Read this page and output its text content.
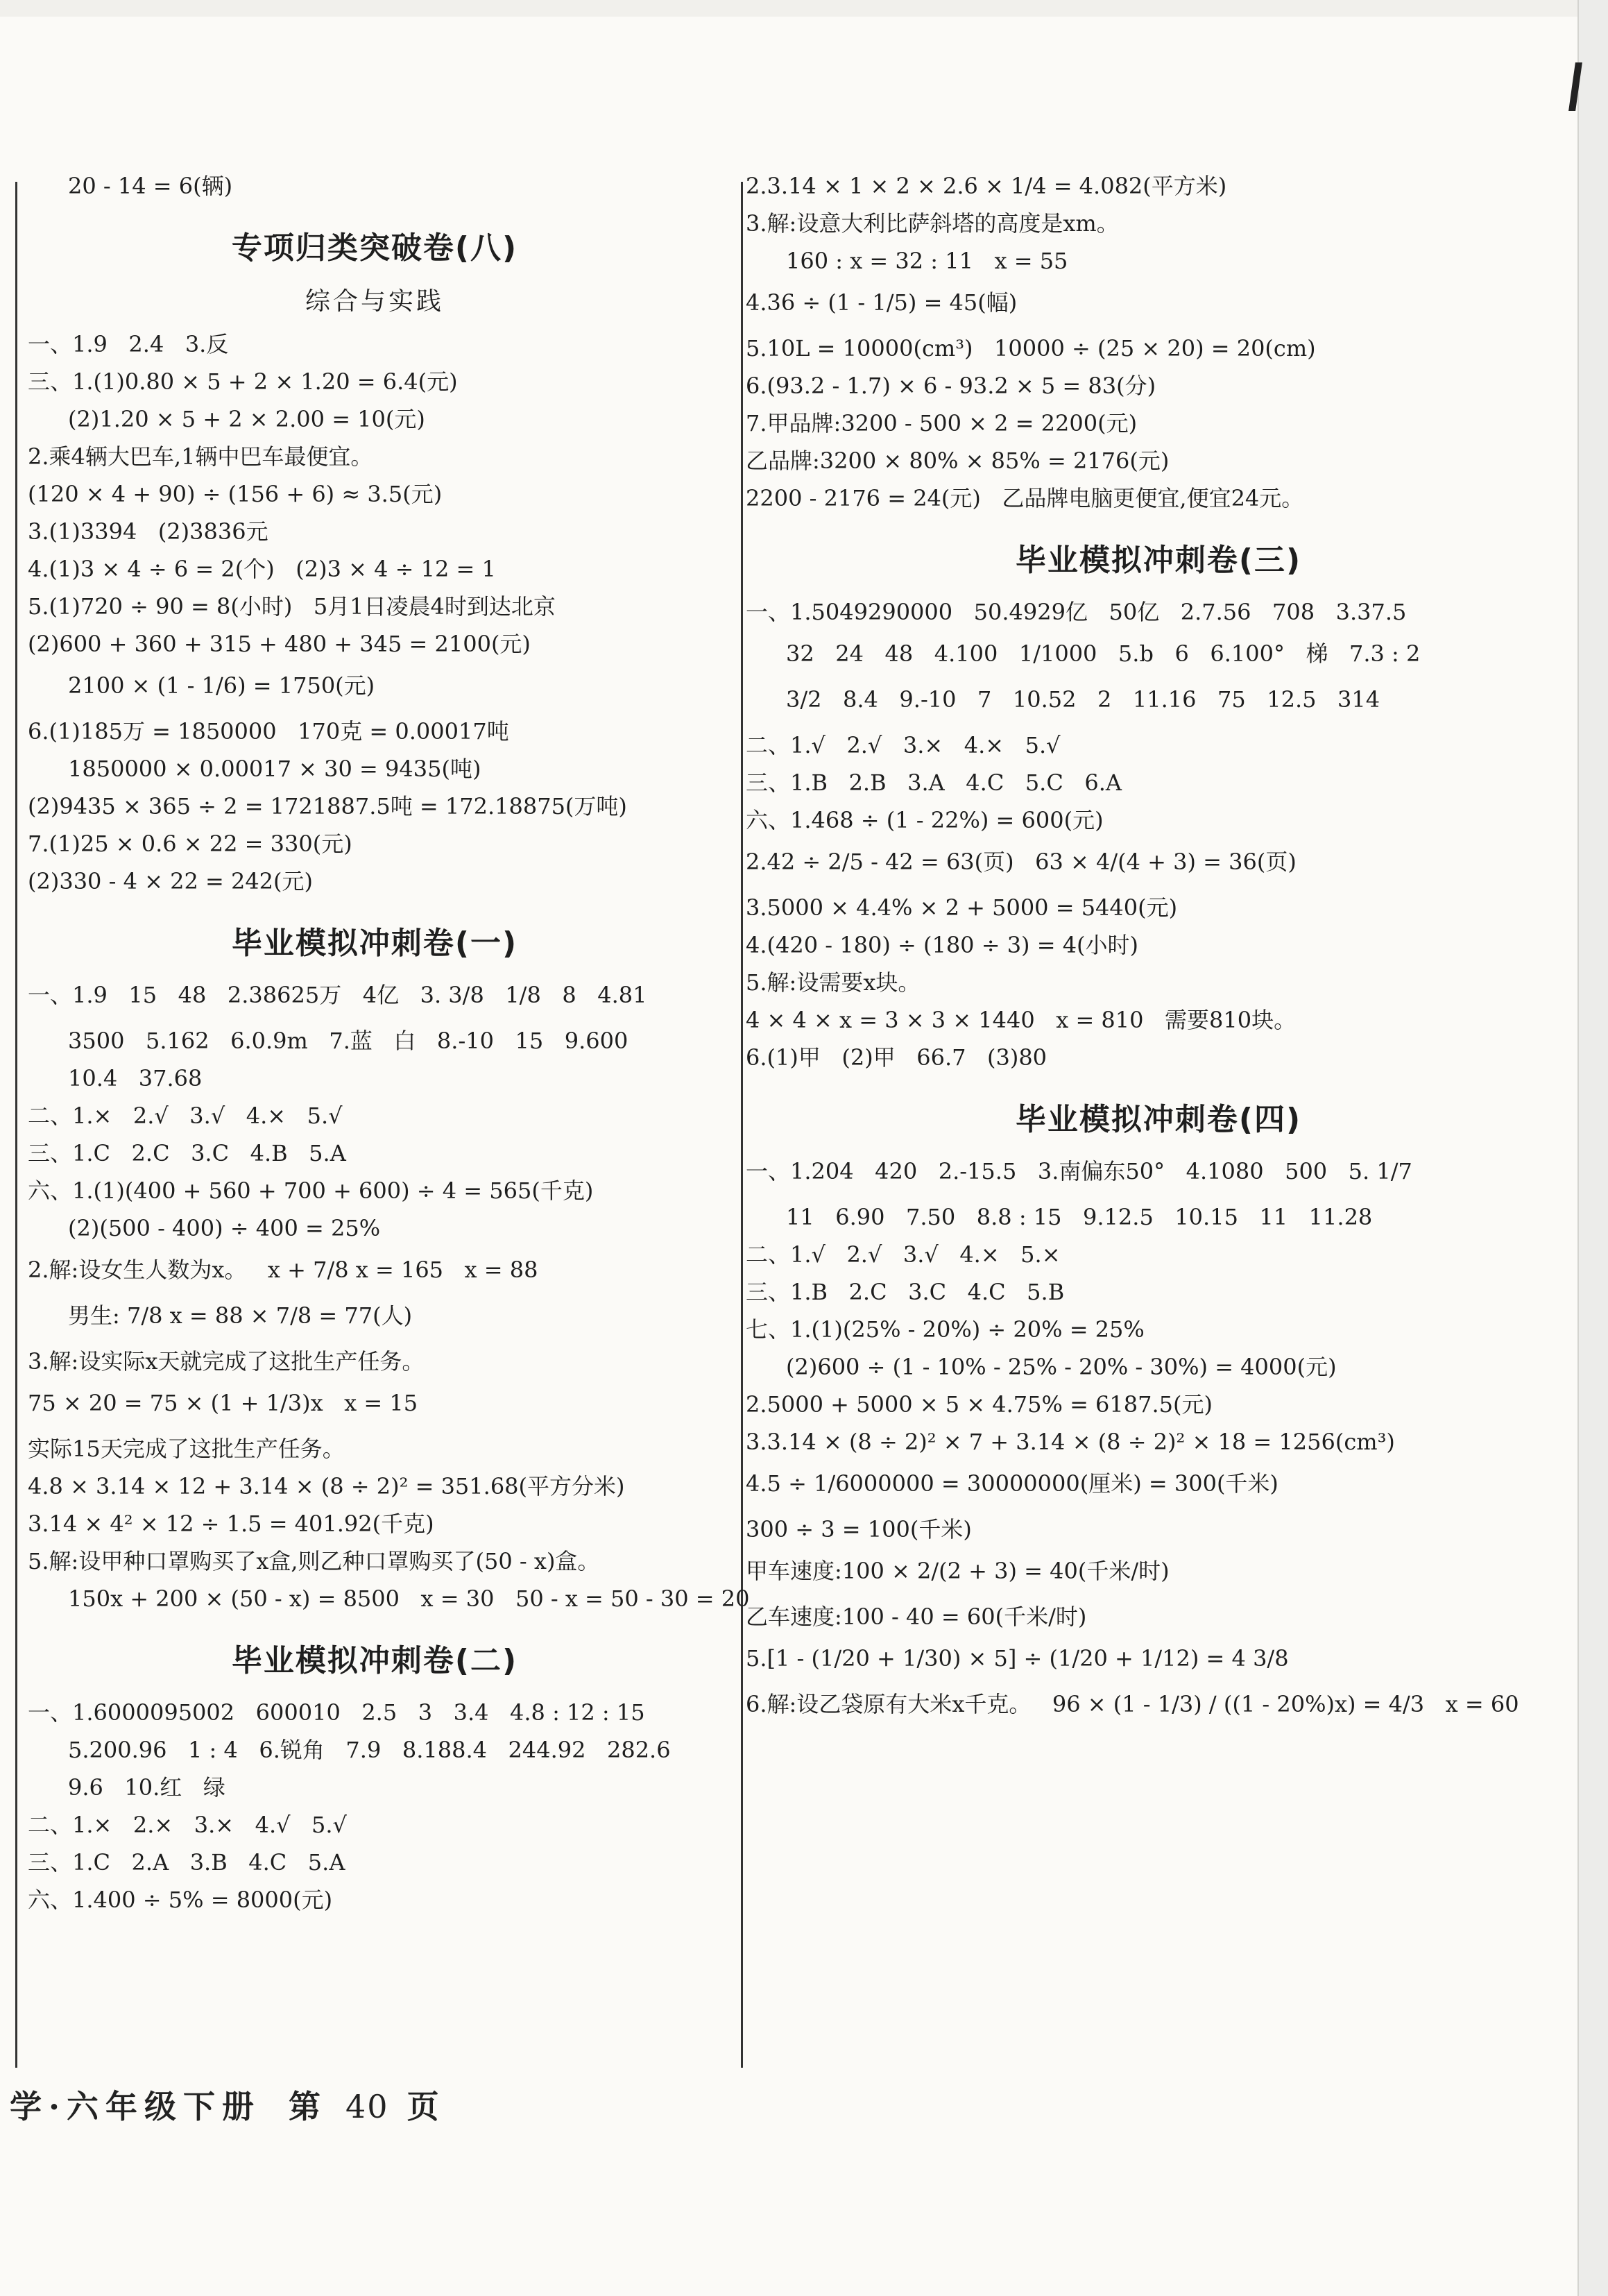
20 - 14 = 6(辆)
专项归类突破卷(八)
综合与实践
一、1.9   2.4   3.反
三、1.(1)0.80 × 5 + 2 × 1.20 = 6.4(元)
(2)1.20 × 5 + 2 × 2.00 = 10(元)
2.乘4辆大巴车,1辆中巴车最便宜。
(120 × 4 + 90) ÷ (156 + 6) ≈ 3.5(元)
3.(1)3394   (2)3836元
4.(1)3 × 4 ÷ 6 = 2(个)   (2)3 × 4 ÷ 12 = 1
5.(1)720 ÷ 90 = 8(小时)   5月1日凌晨4时到达北京
(2)600 + 360 + 315 + 480 + 345 = 2100(元)
2100 × (1 - 1/6) = 1750(元)
6.(1)185万 = 1850000   170克 = 0.00017吨
1850000 × 0.00017 × 30 = 9435(吨)
(2)9435 × 365 ÷ 2 = 1721887.5吨 = 172.18875(万吨)
7.(1)25 × 0.6 × 22 = 330(元)
(2)330 - 4 × 22 = 242(元)
毕业模拟冲刺卷(一)
一、1.9   15   48   2.38625万   4亿   3. 3/8   1/8   8   4.81
3500   5.162   6.0.9m   7.蓝   白   8.-10   15   9.600
10.4   37.68
二、1.×   2.√   3.√   4.×   5.√
三、1.C   2.C   3.C   4.B   5.A
六、1.(1)(400 + 560 + 700 + 600) ÷ 4 = 565(千克)
(2)(500 - 400) ÷ 400 = 25%
2.解:设女生人数为x。   x + 7/8 x = 165   x = 88
男生: 7/8 x = 88 × 7/8 = 77(人)
3.解:设实际x天就完成了这批生产任务。
75 × 20 = 75 × (1 + 1/3)x   x = 15
实际15天完成了这批生产任务。
4.8 × 3.14 × 12 + 3.14 × (8 ÷ 2)² = 351.68(平方分米)
3.14 × 4² × 12 ÷ 1.5 = 401.92(千克)
5.解:设甲种口罩购买了x盒,则乙种口罩购买了(50 - x)盒。
150x + 200 × (50 - x) = 8500   x = 30   50 - x = 50 - 30 = 20
毕业模拟冲刺卷(二)
一、1.6000095002   600010   2.5   3   3.4   4.8 : 12 : 15
5.200.96   1 : 4   6.锐角   7.9   8.188.4   244.92   282.6
9.6   10.红   绿
二、1.×   2.×   3.×   4.√   5.√
三、1.C   2.A   3.B   4.C   5.A
六、1.400 ÷ 5% = 8000(元)
2.3.14 × 1 × 2 × 2.6 × 1/4 = 4.082(平方米)
3.解:设意大利比萨斜塔的高度是xm。
160 : x = 32 : 11   x = 55
4.36 ÷ (1 - 1/5) = 45(幅)
5.10L = 10000(cm³)   10000 ÷ (25 × 20) = 20(cm)
6.(93.2 - 1.7) × 6 - 93.2 × 5 = 83(分)
7.甲品牌:3200 - 500 × 2 = 2200(元)
乙品牌:3200 × 80% × 85% = 2176(元)
2200 - 2176 = 24(元)   乙品牌电脑更便宜,便宜24元。
毕业模拟冲刺卷(三)
一、1.5049290000   50.4929亿   50亿   2.7.56   708   3.37.5
32   24   48   4.100   1/1000   5.b   6   6.100°   梯   7.3 : 2
3/2   8.4   9.-10   7   10.52   2   11.16   75   12.5   314
二、1.√   2.√   3.×   4.×   5.√
三、1.B   2.B   3.A   4.C   5.C   6.A
六、1.468 ÷ (1 - 22%) = 600(元)
2.42 ÷ 2/5 - 42 = 63(页)   63 × 4/(4 + 3) = 36(页)
3.5000 × 4.4% × 2 + 5000 = 5440(元)
4.(420 - 180) ÷ (180 ÷ 3) = 4(小时)
5.解:设需要x块。
4 × 4 × x = 3 × 3 × 1440   x = 810   需要810块。
6.(1)甲   (2)甲   66.7   (3)80
毕业模拟冲刺卷(四)
一、1.204   420   2.-15.5   3.南偏东50°   4.1080   500   5. 1/7
11   6.90   7.50   8.8 : 15   9.12.5   10.15   11   11.28
二、1.√   2.√   3.√   4.×   5.×
三、1.B   2.C   3.C   4.C   5.B
七、1.(1)(25% - 20%) ÷ 20% = 25%
(2)600 ÷ (1 - 10% - 25% - 20% - 30%) = 4000(元)
2.5000 + 5000 × 5 × 4.75% = 6187.5(元)
3.3.14 × (8 ÷ 2)² × 7 + 3.14 × (8 ÷ 2)² × 18 = 1256(cm³)
4.5 ÷ 1/6000000 = 30000000(厘米) = 300(千米)
300 ÷ 3 = 100(千米)
甲车速度:100 × 2/(2 + 3) = 40(千米/时)
乙车速度:100 - 40 = 60(千米/时)
5.[1 - (1/20 + 1/30) × 5] ÷ (1/20 + 1/12) = 4 3/8
6.解:设乙袋原有大米x千克。   96 × (1 - 1/3) / ((1 - 20%)x) = 4/3   x = 60
学·六年级下册 第 40 页
